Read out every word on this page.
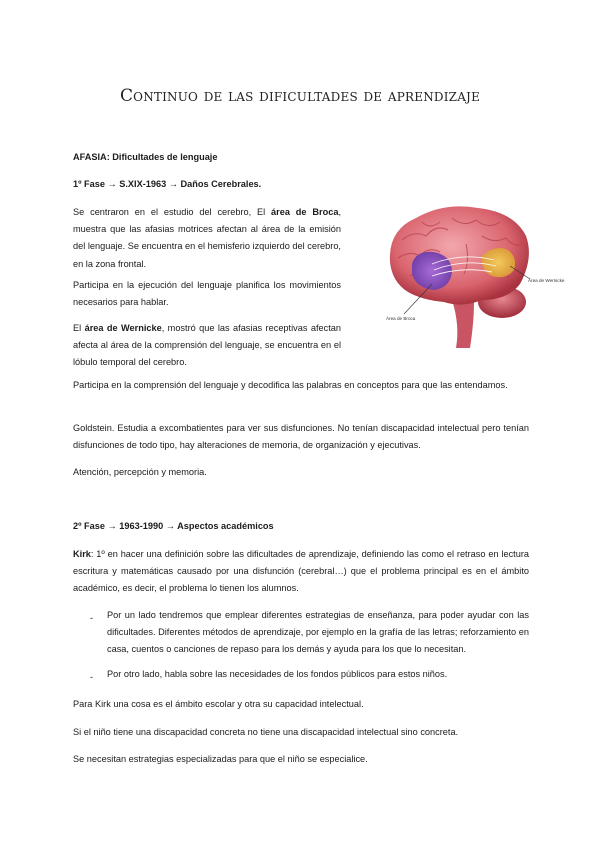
Continuo de las dificultades de aprendizaje

AFASIA: Dificultades de lenguaje

1º Fase → S.XIX-1963 → Daños Cerebrales.

Se centraron en el estudio del cerebro, El área de Broca, muestra que las afasias motrices afectan al área de la emisión del lenguaje. Se encuentra en el hemisferio izquierdo del cerebro, en la zona frontal.

Participa en la ejecución del lenguaje planifica los movimientos necesarios para hablar.

El área de Wernicke, mostró que las afasias receptivas afectan afecta al área de la comprensión del lenguaje, se encuentra en el lóbulo temporal del cerebro.

Participa en la comprensión del lenguaje y decodifica las palabras en conceptos para que las entendamos.

Goldstein. Estudia a excombatientes para ver sus disfunciones. No tenían discapacidad intelectual pero tenían disfunciones de todo tipo, hay alteraciones de memoria, de organización y ejecutivas.

Atención, percepción y memoria.

Área de Wernicke
Área de Broca

2º Fase → 1963-1990 → Aspectos académicos

Kirk: 1º en hacer una definición sobre las dificultades de aprendizaje, definiendo las como el retraso en lectura escritura y matemáticas causado por una disfunción (cerebral…) que el problema principal es en el ámbito académico, es decir, el problema lo tienen los alumnos.

- Por un lado tendremos que emplear diferentes estrategias de enseñanza, para poder ayudar con las dificultades. Diferentes métodos de aprendizaje, por ejemplo en la grafía de las letras; reforzamiento en casa, cuentos o canciones de repaso para los demás y ayuda para los que lo necesitan.

- Por otro lado, habla sobre las necesidades de los fondos públicos para estos niños.

Para Kirk una cosa es el ámbito escolar y otra su capacidad intelectual.

Si el niño tiene una discapacidad concreta no tiene una discapacidad intelectual sino concreta.

Se necesitan estrategias especializadas para que el niño se especialice.
